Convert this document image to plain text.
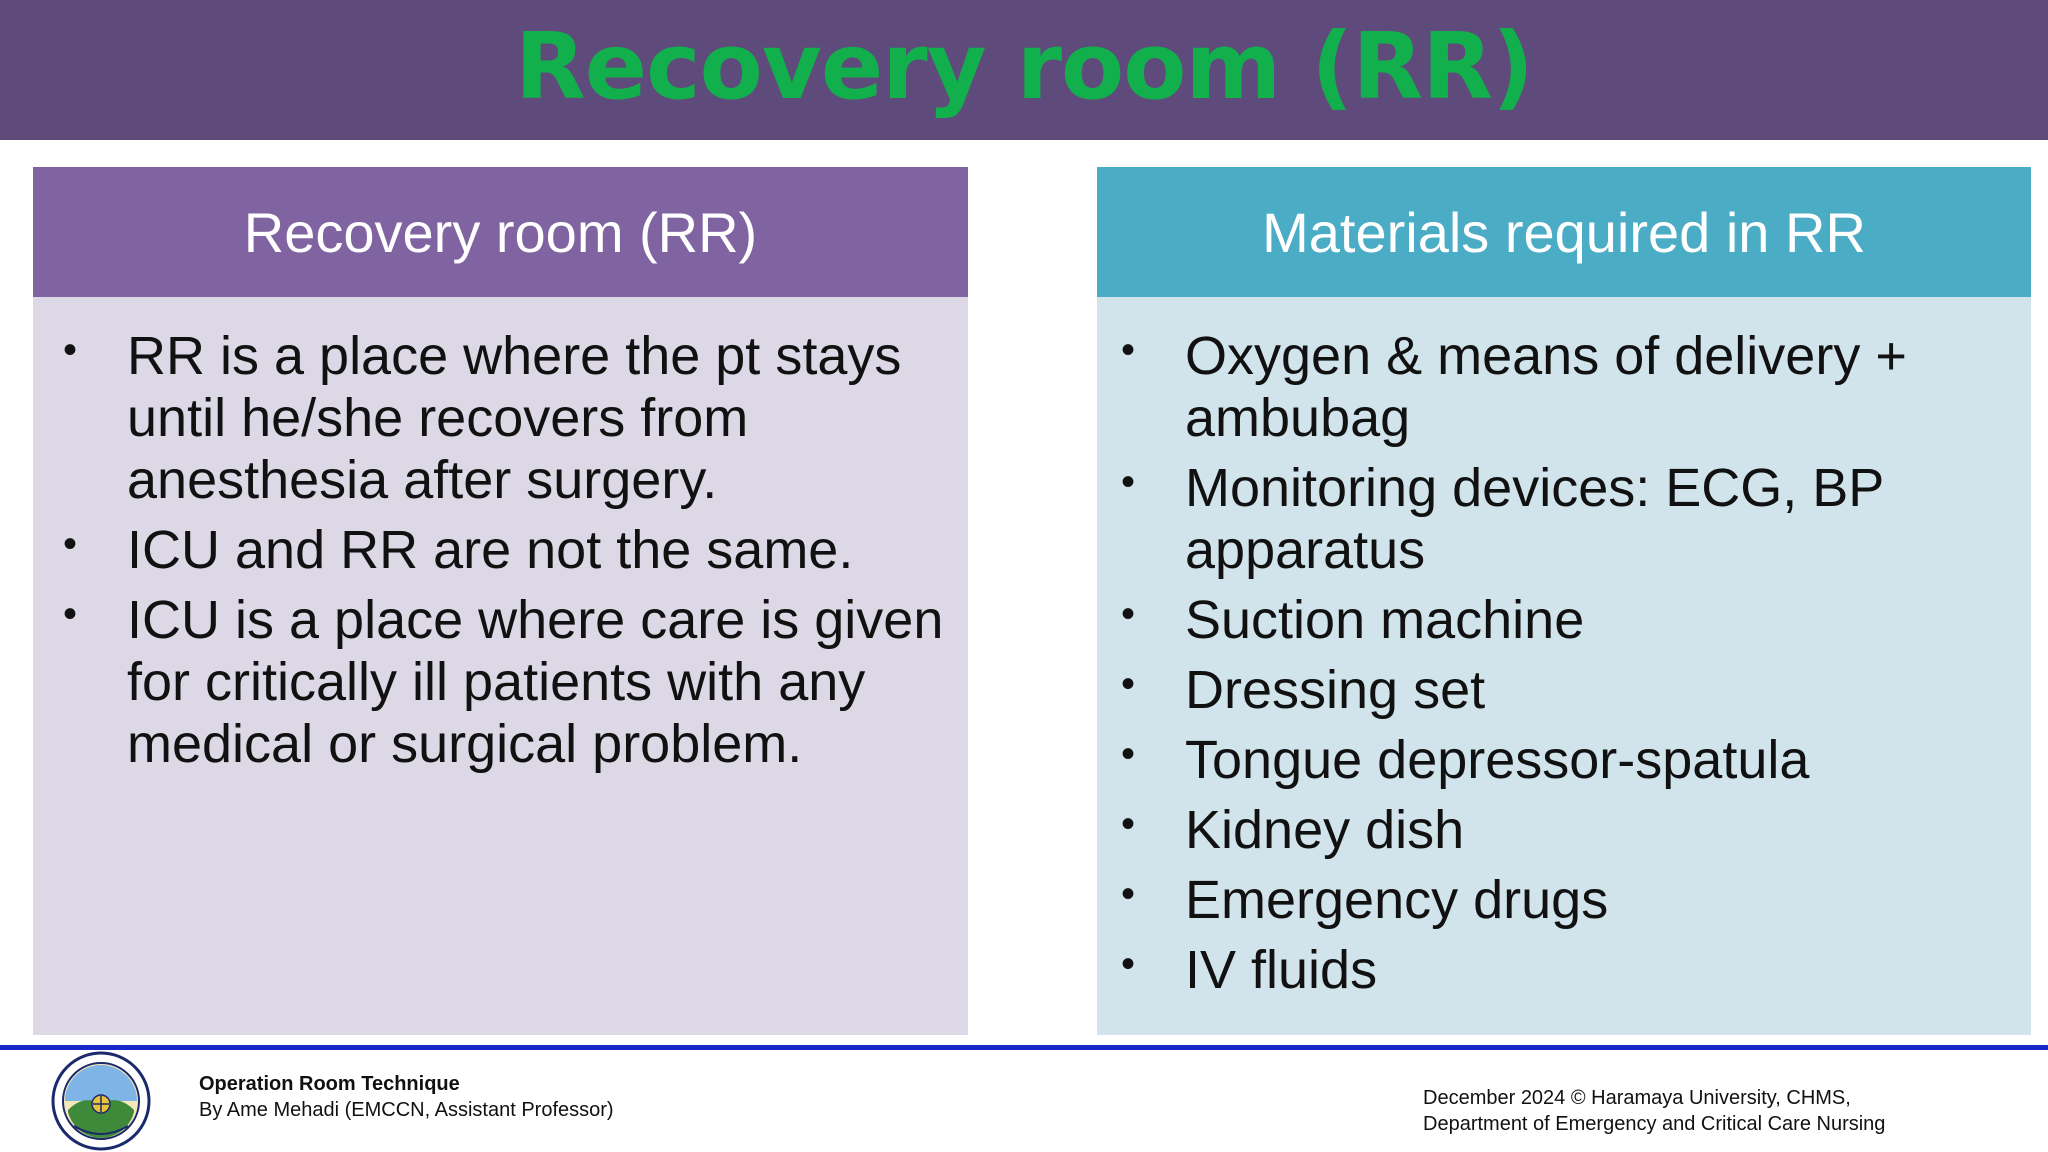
Recovery room (RR)
Recovery room (RR)
• RR is a place where the pt stays until he/she recovers from anesthesia after surgery.
• ICU and RR are not the same.
• ICU is a place where care is given for critically ill patients with any medical or surgical problem.
Materials required in RR
• Oxygen & means of delivery + ambubag
• Monitoring devices: ECG, BP apparatus
• Suction machine
• Dressing set
• Tongue depressor-spatula
• Kidney dish
• Emergency drugs
• IV fluids
Operation Room Technique
By Ame Mehadi (EMCCN, Assistant Professor)
December 2024 © Haramaya University, CHMS,
Department of Emergency and Critical Care Nursing
